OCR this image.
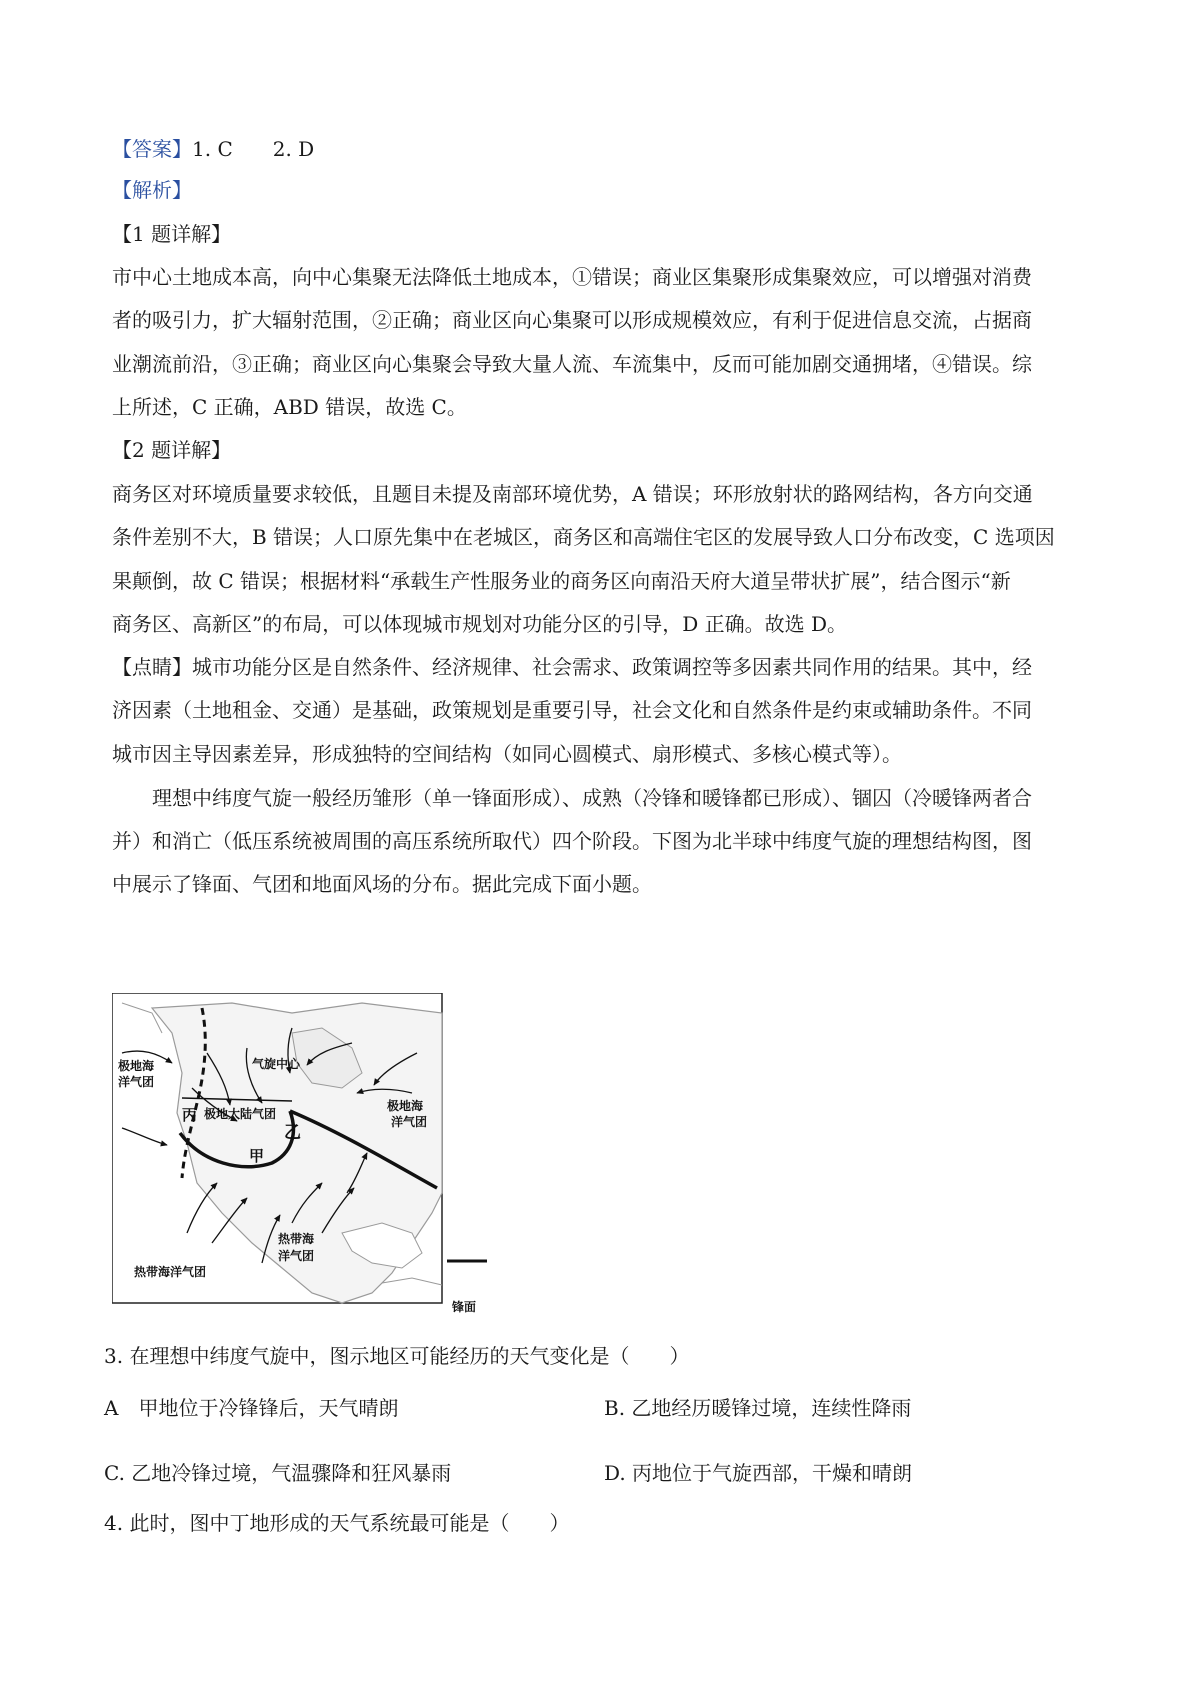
【答案】1. C　　2. D
【解析】
【1 题详解】
市中心土地成本高，向中心集聚无法降低土地成本，①错误；商业区集聚形成集聚效应，可以增强对消费
者的吸引力，扩大辐射范围，②正确；商业区向心集聚可以形成规模效应，有利于促进信息交流，占据商
业潮流前沿，③正确；商业区向心集聚会导致大量人流、车流集中，反而可能加剧交通拥堵，④错误。综
上所述，C 正确，ABD 错误，故选 C。
【2 题详解】
商务区对环境质量要求较低，且题目未提及南部环境优势，A 错误；环形放射状的路网结构，各方向交通
条件差别不大，B 错误；人口原先集中在老城区，商务区和高端住宅区的发展导致人口分布改变，C 选项因
果颠倒，故 C 错误；根据材料“承载生产性服务业的商务区向南沿天府大道呈带状扩展”，结合图示“新
商务区、高新区”的布局，可以体现城市规划对功能分区的引导，D 正确。故选 D。
【点睛】城市功能分区是自然条件、经济规律、社会需求、政策调控等多因素共同作用的结果。其中，经
济因素（土地租金、交通）是基础，政策规划是重要引导，社会文化和自然条件是约束或辅助条件。不同
城市因主导因素差异，形成独特的空间结构（如同心圆模式、扇形模式、多核心模式等）。
理想中纬度气旋一般经历雏形（单一锋面形成）、成熟（冷锋和暖锋都已形成）、锢囚（冷暖锋两者合
并）和消亡（低压系统被周围的高压系统所取代）四个阶段。下图为北半球中纬度气旋的理想结构图，图
中展示了锋面、气团和地面风场的分布。据此完成下面小题。
极地海
洋气团
气旋中心
丙 极地大陆气团
乙
甲
极地海
洋气团
热带海
洋气团
热带海洋气团
锋面
3. 在理想中纬度气旋中，图示地区可能经历的天气变化是（　　）
A　甲地位于冷锋锋后，天气晴朗	B. 乙地经历暖锋过境，连续性降雨
C. 乙地冷锋过境，气温骤降和狂风暴雨	D. 丙地位于气旋西部，干燥和晴朗
4. 此时，图中丁地形成的天气系统最可能是（　　）
